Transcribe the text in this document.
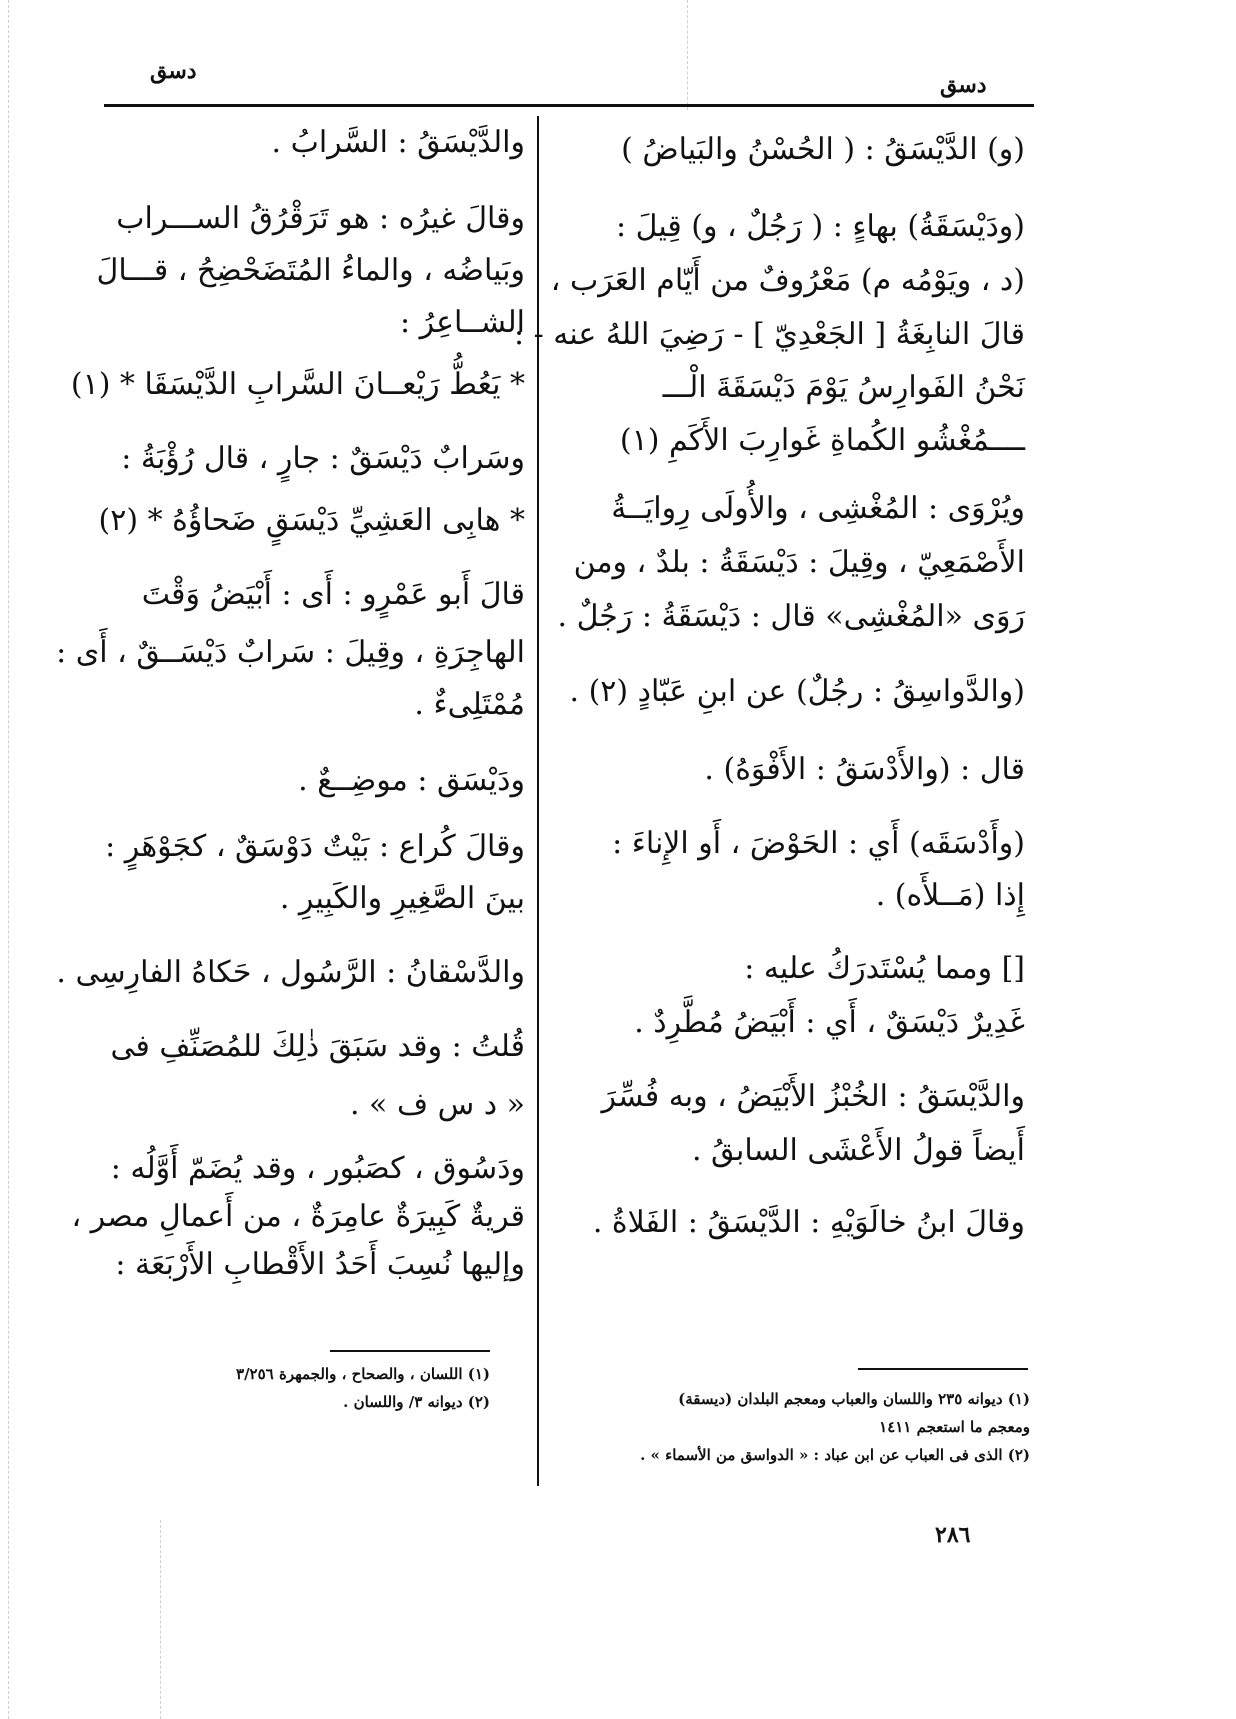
دسق
دسق
(و) الدَّيْسَقُ : ( الحُسْنُ والبَياضُ )
(ودَيْسَقَةُ) بهاءٍ : ( رَجُلٌ ، و) قِيلَ :
(د ، ويَوْمُه م) مَعْرُوفٌ من أَيّام العَرَب ،
قالَ النابِغَةُ [ الجَعْدِيّ ] - رَضِيَ اللهُ عنه - :
نَحْنُ الفَوارِسُ يَوْمَ دَيْسَقَةَ الْـــ
ــــمُغْشُو الكُماةِ غَوارِبَ الأَكَمِ (١)
ويُرْوَى : المُغْشِى ، والأُولَى رِوايَــةُ
الأَصْمَعِيّ ، وقِيلَ : دَيْسَقَةُ : بلدٌ ، ومن
رَوَى «المُغْشِى» قال : دَيْسَقَةُ : رَجُلٌ .
(والدَّواسِقُ : رجُلٌ) عن ابنِ عَبّادٍ (٢) .
قال : (والأَدْسَقُ : الأَفْوَهُ) .
(وأَدْسَقَه) أَي : الحَوْضَ ، أَو الإِناءَ :
إِذا (مَــلأَه) .
[] ومما يُسْتَدرَكُ عليه :
غَدِيرٌ دَيْسَقٌ ، أَي : أَبْيَضُ مُطَّرِدٌ .
والدَّيْسَقُ : الخُبْزُ الأَبْيَضُ ، وبه فُسِّرَ
أَيضاً قولُ الأَعْشَى السابقُ .
وقالَ ابنُ خالَوَيْهِ : الدَّيْسَقُ : الفَلاةُ .
والدَّيْسَقُ : السَّرابُ .
وقالَ غيرُه : هو تَرَقْرُقُ الســـراب
وبَياضُه ، والماءُ المُتَضَحْضِحُ ، قـــالَ
الشــاعِرُ :
* يَعُطُّ رَيْعــانَ السَّرابِ الدَّيْسَقَا * (١)
وسَرابٌ دَيْسَقٌ : جارٍ ، قال رُؤْبَةُ :
* هابِى العَشِيِّ دَيْسَقٍ ضَحاؤُهُ * (٢)
قالَ أَبو عَمْرٍو : أَى : أَبْيَضُ وَقْتَ
الهاجِرَةِ ، وقِيلَ : سَرابٌ دَيْسَــقٌ ، أَى :
مُمْتَلِىءٌ .
ودَيْسَق : موضِــعٌ .
وقالَ كُراع : بَيْتٌ دَوْسَقٌ ، كجَوْهَرٍ :
بينَ الصَّغِيرِ والكَبِيرِ .
والدَّسْقانُ : الرَّسُول ، حَكاهُ الفارِسِى .
قُلتُ : وقد سَبَقَ ذٰلِكَ للمُصَنِّفِ فى
« د س ف » .
ودَسُوق ، كصَبُور ، وقد يُضَمّ أَوَّلُه :
قريةٌ كَبِيرَةٌ عامِرَةٌ ، من أَعمالِ مصر ،
وإليها نُسِبَ أَحَدُ الأَقْطابِ الأَرْبَعَة :
(١) ديوانه ٢٣٥ واللسان والعباب ومعجم البلدان (ديسقة)
ومعجم ما استعجم ١٤١١
(٢) الذى فى العباب عن ابن عباد : « الدواسق من الأسماء » .
(١) اللسان ، والصحاح ، والجمهرة ٣/٢٥٦
(٢) ديوانه ٣/ واللسان .
٢٨٦
